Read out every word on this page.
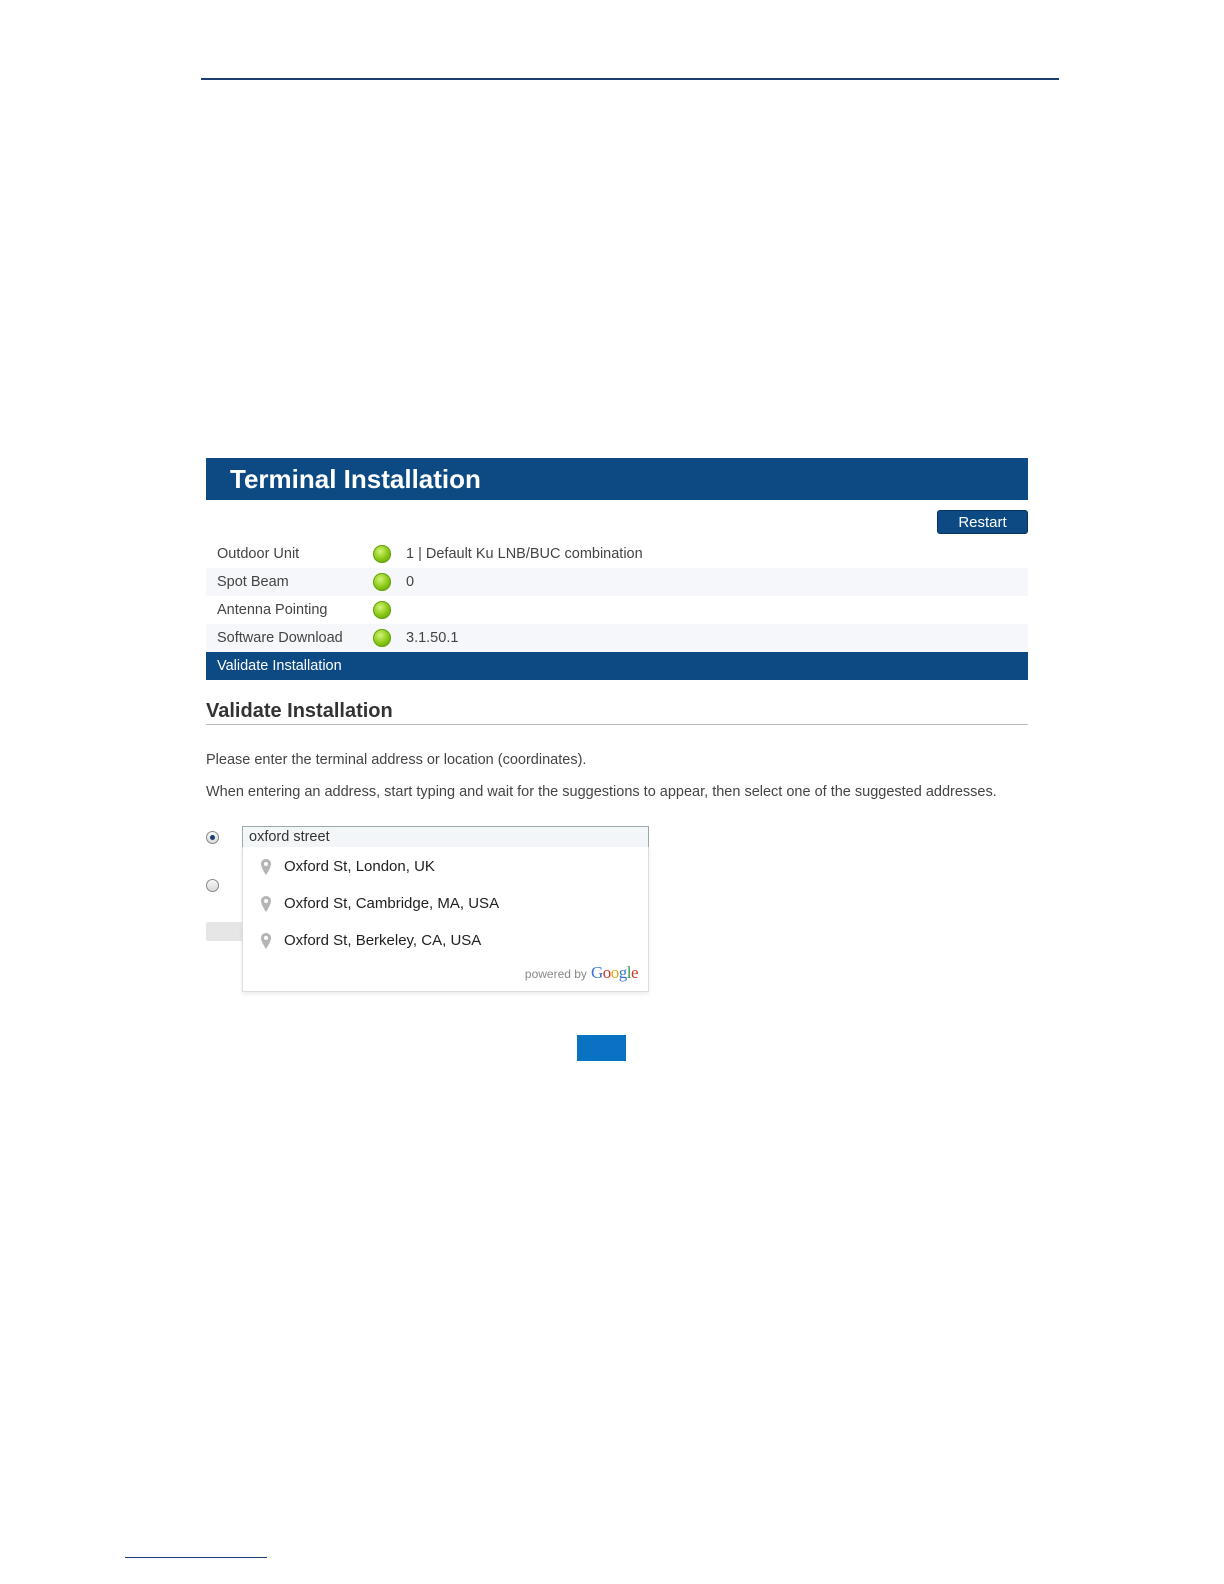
Terminal Installation
Restart
Outdoor Unit	1 | Default Ku LNB/BUC combination
Spot Beam	0
Antenna Pointing
Software Download	3.1.50.1
Validate Installation
Validate Installation
Please enter the terminal address or location (coordinates).
When entering an address, start typing and wait for the suggestions to appear, then select one of the suggested addresses.
oxford street
Oxford St, London, UK
Oxford St, Cambridge, MA, USA
Oxford St, Berkeley, CA, USA
powered by Google
